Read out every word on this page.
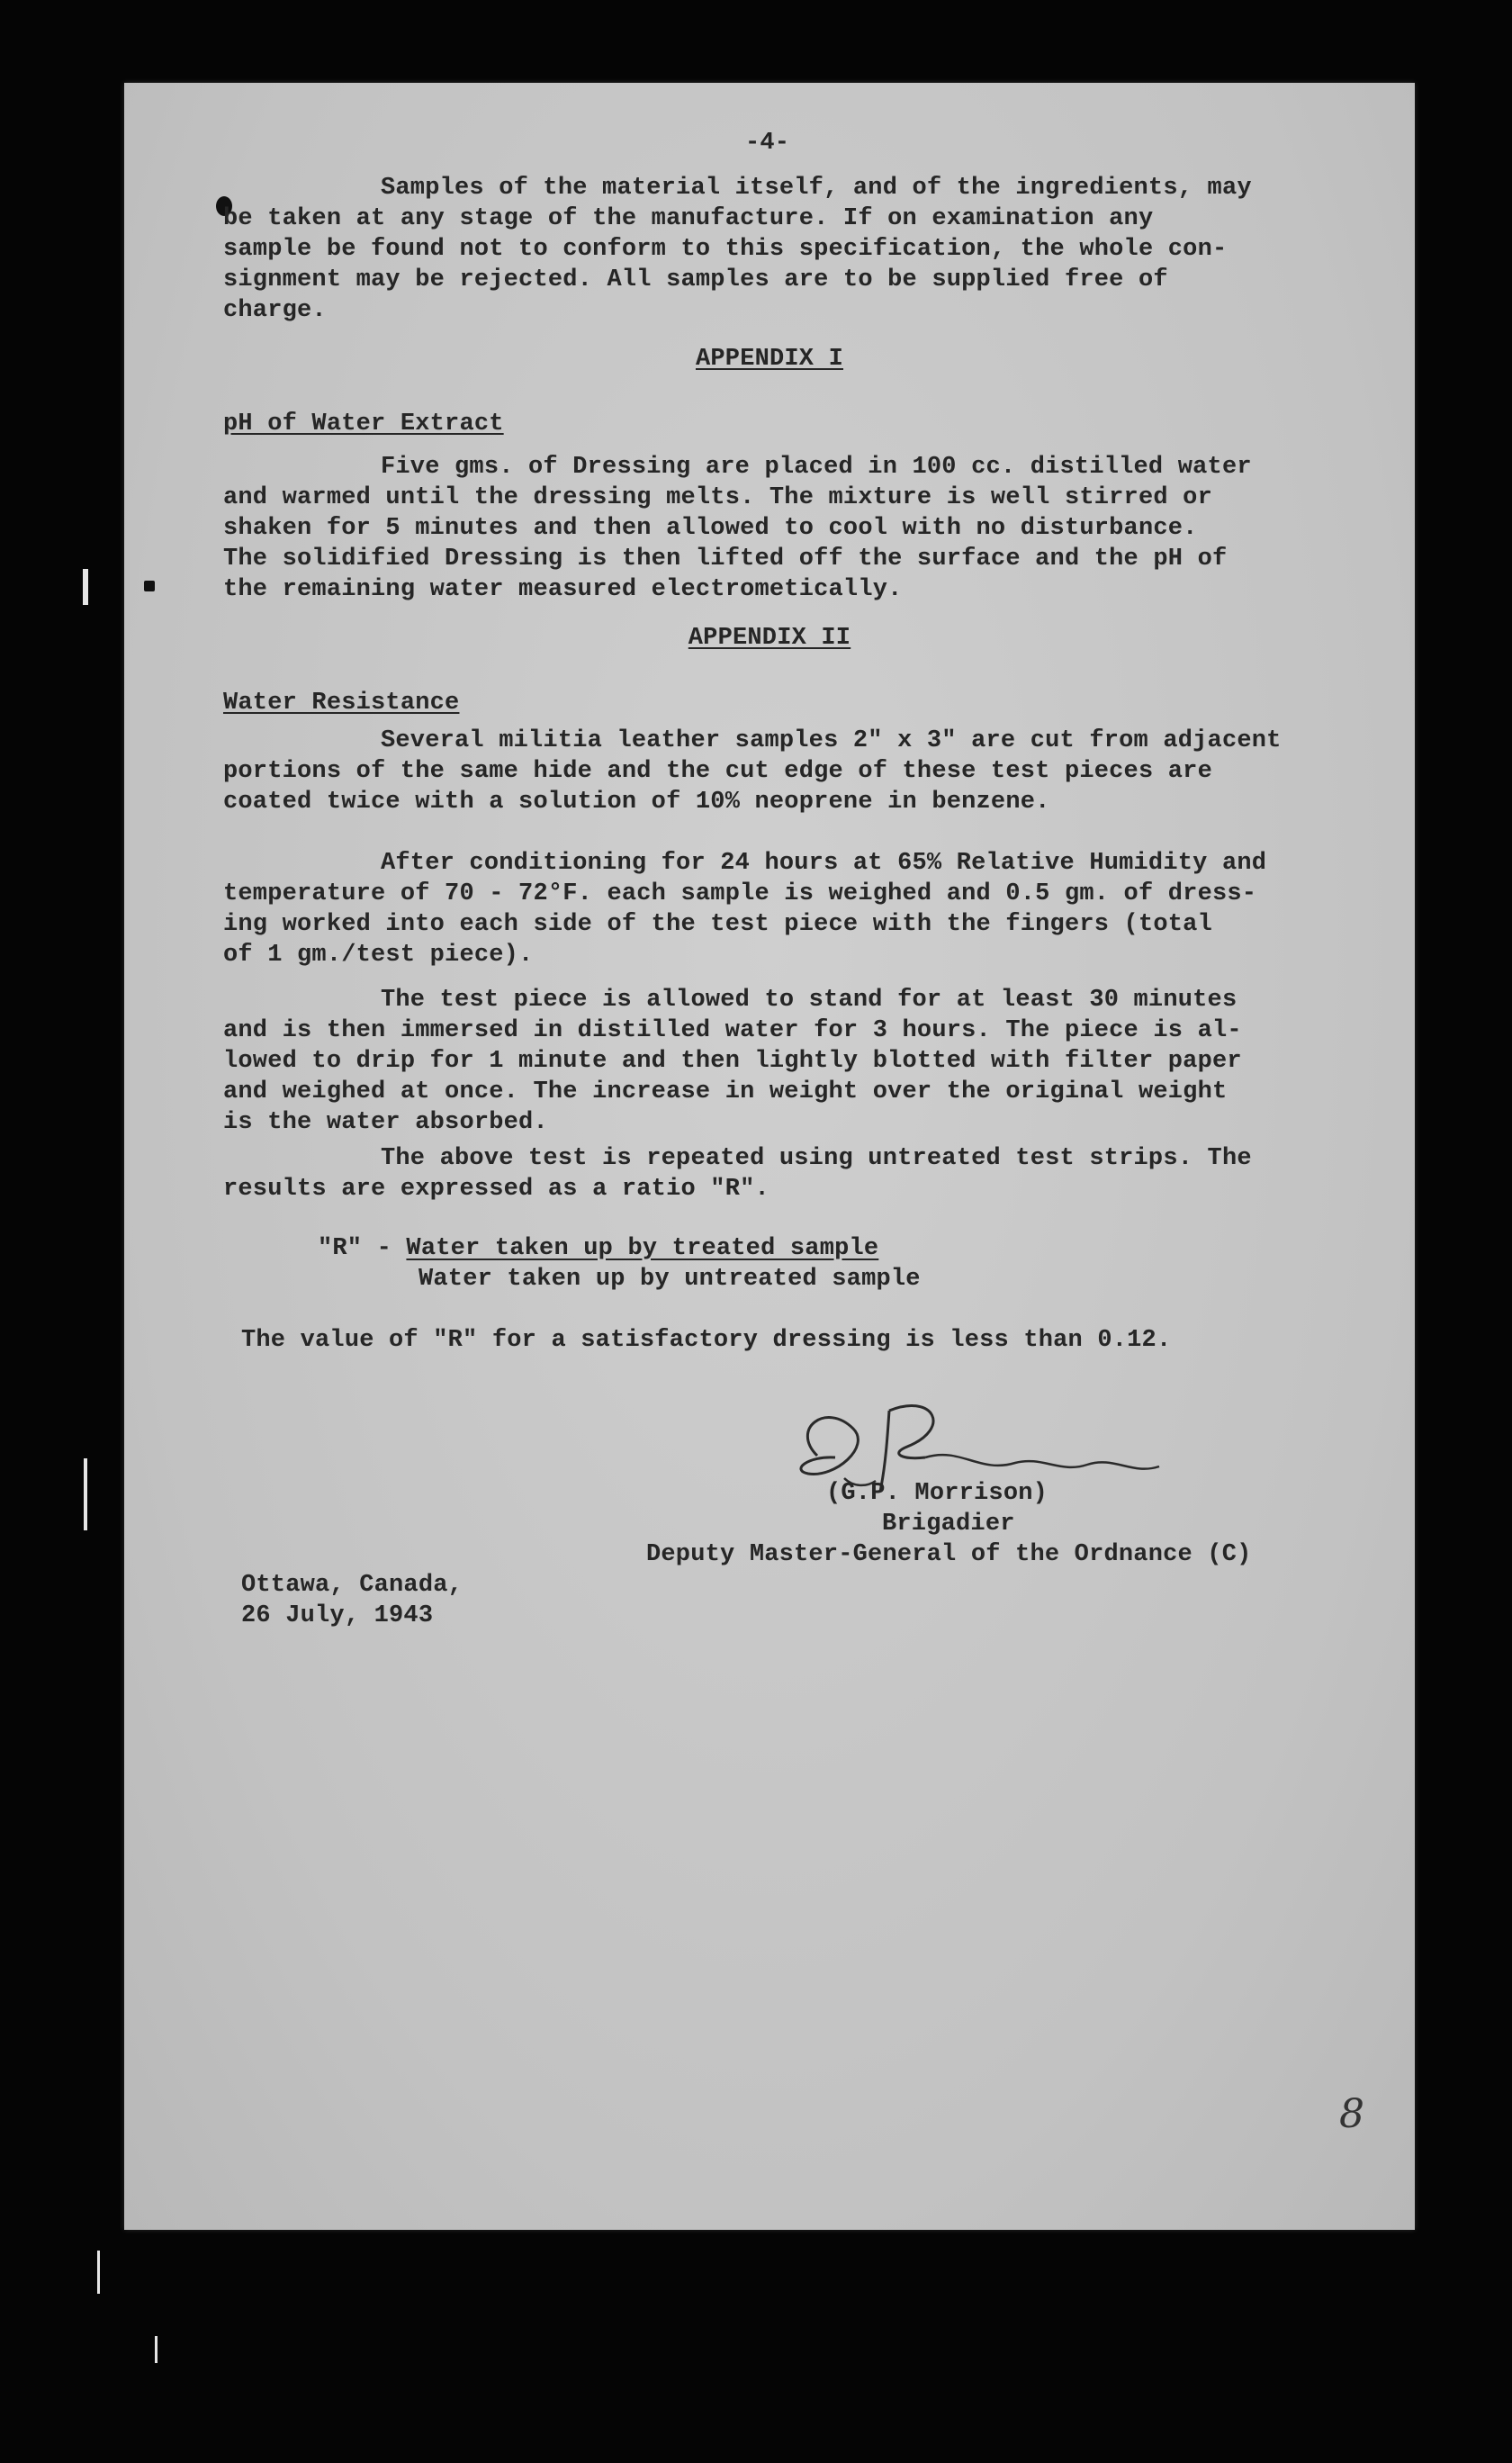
-4-
Samples of the material itself, and of the ingredients, may
be taken at any stage of the manufacture. If on examination any
sample be found not to conform to this specification, the whole con-
signment may be rejected. All samples are to be supplied free of
charge.
APPENDIX I
pH of Water Extract
Five gms. of Dressing are placed in 100 cc. distilled water
and warmed until the dressing melts. The mixture is well stirred or
shaken for 5 minutes and then allowed to cool with no disturbance.
The solidified Dressing is then lifted off the surface and the pH of
the remaining water measured electrometically.
APPENDIX II
Water Resistance
Several militia leather samples 2" x 3" are cut from adjacent
portions of the same hide and the cut edge of these test pieces are
coated twice with a solution of 10% neoprene in benzene.
After conditioning for 24 hours at 65% Relative Humidity and
temperature of 70 - 72°F. each sample is weighed and 0.5 gm. of dress-
ing worked into each side of the test piece with the fingers (total
of 1 gm./test piece).
The test piece is allowed to stand for at least 30 minutes
and is then immersed in distilled water for 3 hours. The piece is al-
lowed to drip for 1 minute and then lightly blotted with filter paper
and weighed at once. The increase in weight over the original weight
is the water absorbed.
The above test is repeated using untreated test strips. The
results are expressed as a ratio "R".
"R" - Water taken up by treated sample
Water taken up by untreated sample
The value of "R" for a satisfactory dressing is less than 0.12.
(G.P. Morrison)
Brigadier
Deputy Master-General of the Ordnance (C)
Ottawa, Canada,
26 July, 1943
8
